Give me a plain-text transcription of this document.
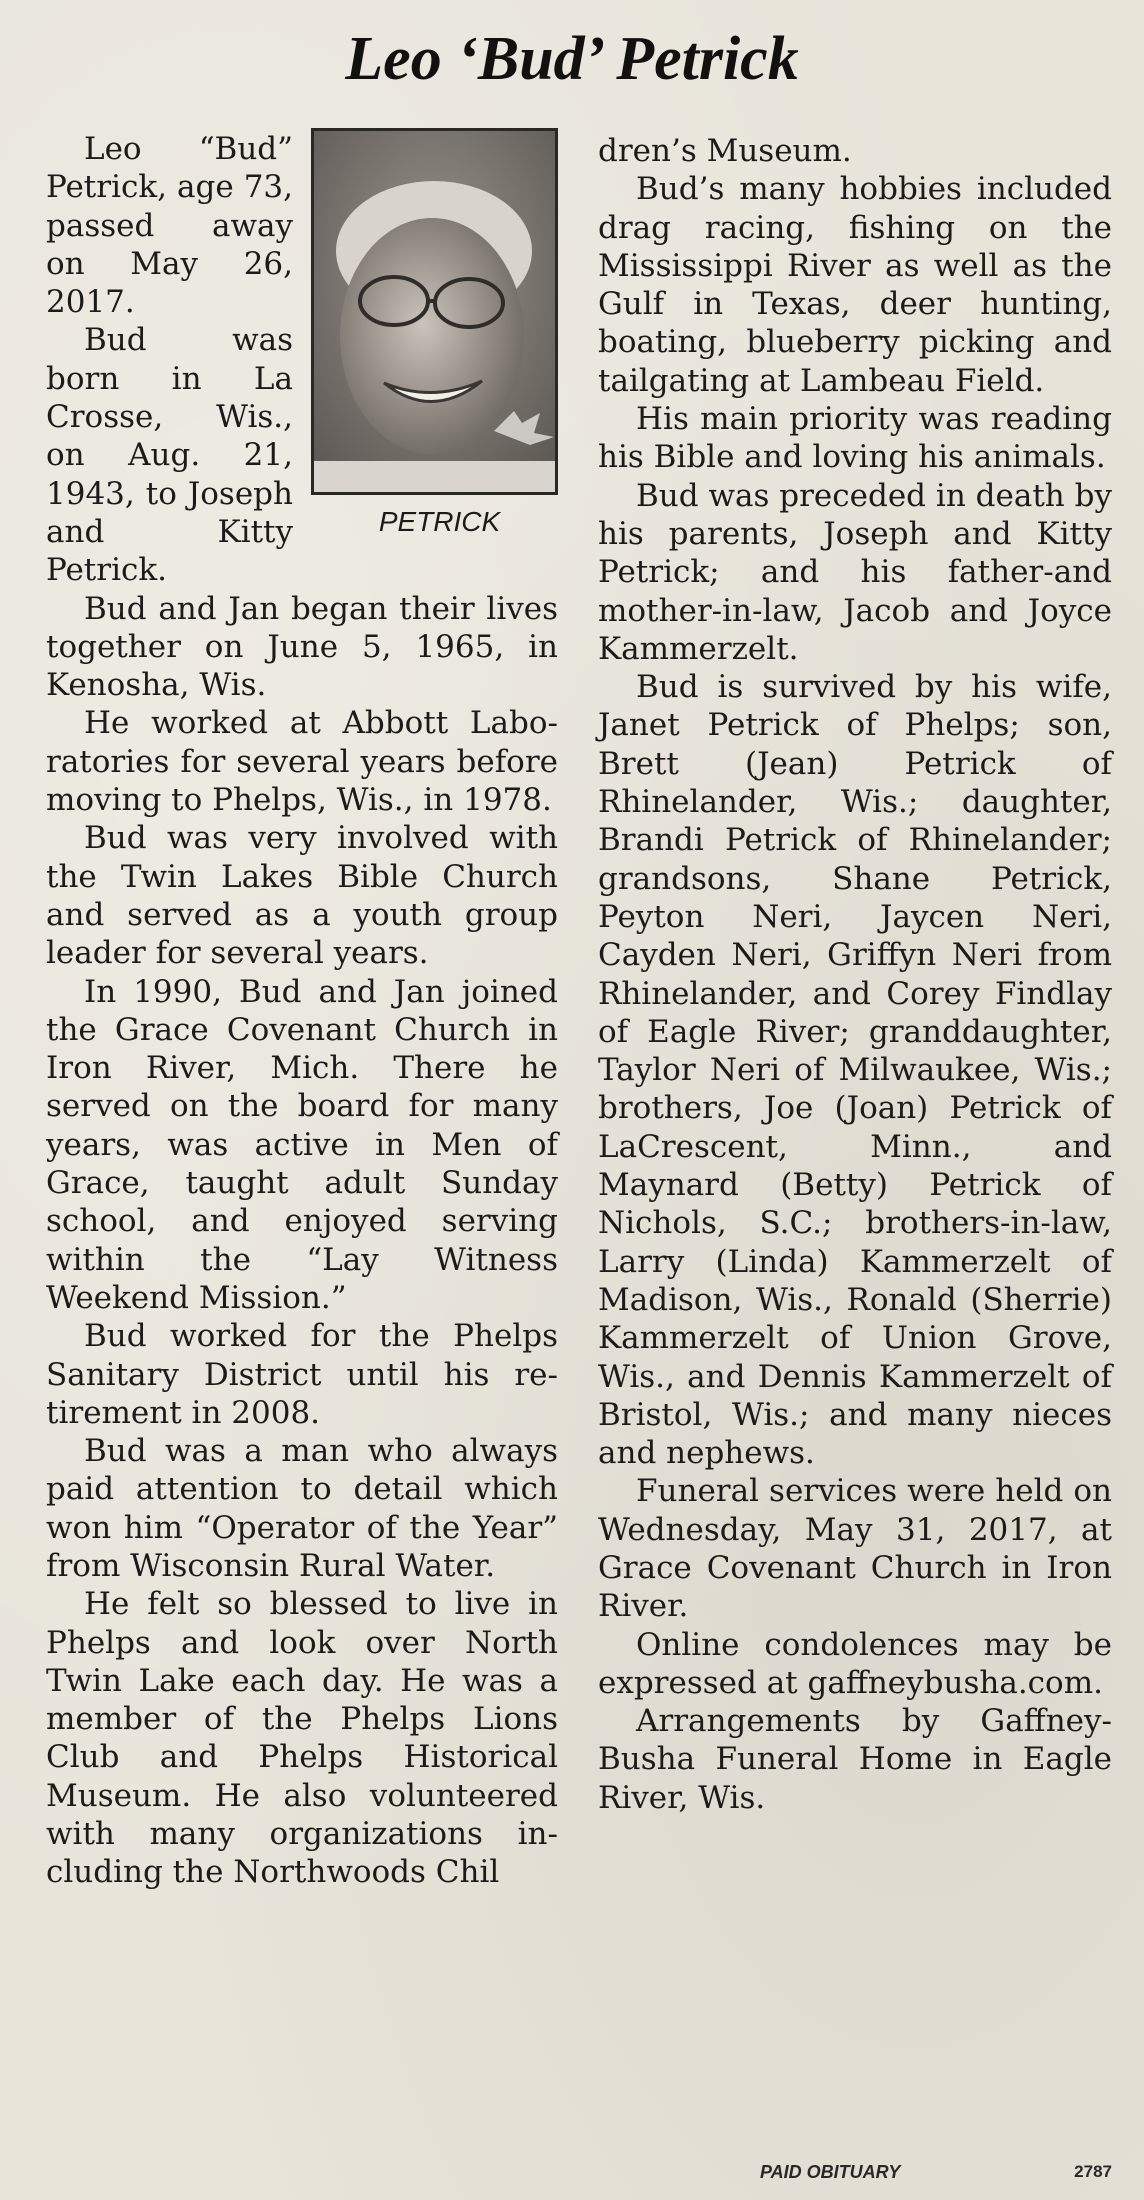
Leo ‘Bud’ Petrick
PETRICK

Leo “Bud” Petrick, age 73, passed away on May 26, 2017.

Bud was born in La Crosse, Wis., on Aug. 21, 1943, to Joseph and Kitty Petrick.

Bud and Jan began their lives together on June 5, 1965, in Kenosha, Wis.

He worked at Abbott Laboratories for several years before moving to Phelps, Wis., in 1978.

Bud was very involved with the Twin Lakes Bible Church and served as a youth group leader for several years.

In 1990, Bud and Jan joined the Grace Covenant Church in Iron River, Mich. There he served on the board for many years, was active in Men of Grace, taught adult Sunday school, and enjoyed serving within the “Lay Witness Weekend Mission.”

Bud worked for the Phelps Sanitary District until his retirement in 2008.

Bud was a man who always paid attention to detail which won him “Operator of the Year” from Wisconsin Rural Water.

He felt so blessed to live in Phelps and look over North Twin Lake each day. He was a member of the Phelps Lions Club and Phelps Historical Museum. He also volunteered with many organizations including the Northwoods Chil

dren’s Museum.

Bud’s many hobbies included drag racing, fishing on the Mississippi River as well as the Gulf in Texas, deer hunting, boating, blueberry picking and tailgating at Lambeau Field.

His main priority was reading his Bible and loving his animals.

Bud was preceded in death by his parents, Joseph and Kitty Petrick; and his father-and mother-in-law, Jacob and Joyce Kammerzelt.

Bud is survived by his wife, Janet Petrick of Phelps; son, Brett (Jean) Petrick of Rhinelander, Wis.; daughter, Brandi Petrick of Rhinelander; grandsons, Shane Petrick, Peyton Neri, Jaycen Neri, Cayden Neri, Griffyn Neri from Rhinelander, and Corey Findlay of Eagle River; granddaughter, Taylor Neri of Milwaukee, Wis.; brothers, Joe (Joan) Petrick of LaCrescent, Minn., and Maynard (Betty) Petrick of Nichols, S.C.; brothers-in-law, Larry (Linda) Kammerzelt of Madison, Wis., Ronald (Sherrie) Kammerzelt of Union Grove, Wis., and Dennis Kammerzelt of Bristol, Wis.; and many nieces and nephews.

Funeral services were held on Wednesday, May 31, 2017, at Grace Covenant Church in Iron River.

Online condolences may be expressed at gaffneybusha.com.

Arrangements by Gaffney-Busha Funeral Home in Eagle River, Wis.

PAID OBITUARY	2787
